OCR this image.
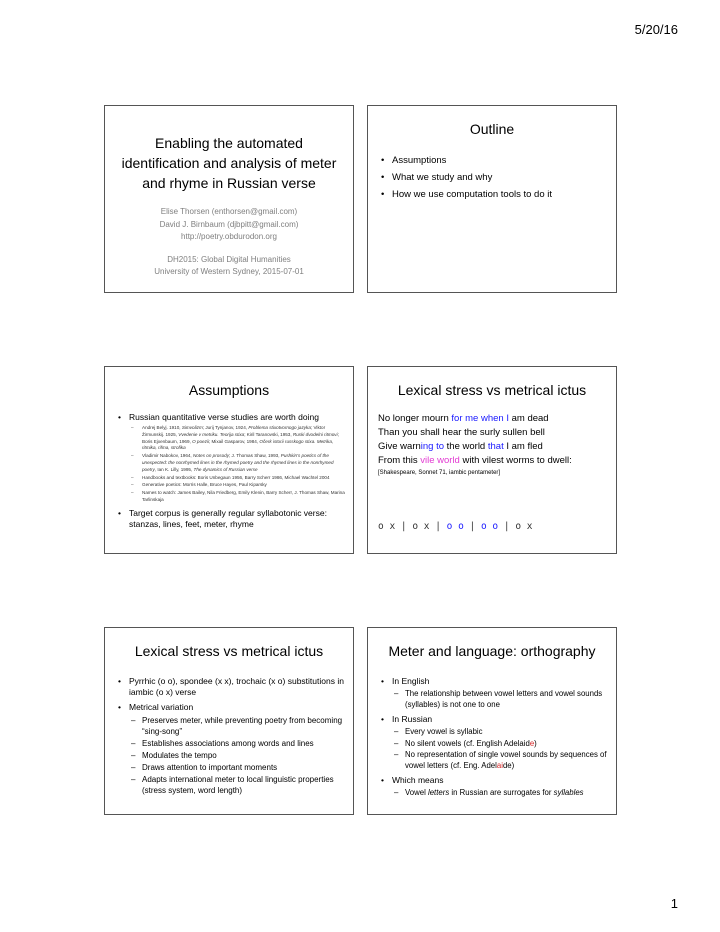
5/20/16
Enabling the automated identification and analysis of meter and rhyme in Russian verse
Elise Thorsen (enthorsen@gmail.com)
David J. Birnbaum (djbpitt@gmail.com)
http://poetry.obdurodon.org
DH2015: Global Digital Humanities
University of Western Sydney, 2015-07-01
Outline
• Assumptions
• What we study and why
• How we use computation tools to do it
Assumptions
• Russian quantitative verse studies are worth doing
– Andrej Belyj. 1910, Simvolizm; Jurij Tynjanov, 1924, Problema stixotvornogo jazyka; Viktor Žirmunskij. 1925, Vvedenie v metriku. Teorija stixa; Kiril Taranovski, 1953, Ruski dvodelni ritmovi; Boris Ejxenbaum, 1969, O poezii; Mixail Gasparov, 1984, Očerk istorii russkogo stixa. Metrika, ritmika, rifma, strofika
– Vladimir Nabokov, 1964, Notes on prosody; J. Thomas Shaw, 1993, Pushkin's poetics of the unexpected: the nonrhymed lines in the rhymed poetry and the rhymed lines in the nonrhymed poetry, Ian K. Lilly, 1995, The dynamics of Russian verse
– Handbooks and textbooks: Boris Unbegaun 1956, Barry Scherr 1986, Michael Wachtel 2004
– Generative poetics: Morris Halle, Bruce Hayes, Paul Kiparsky
– Names to watch: James Bailey, Nila Friedberg, Emily Klenin, Barry Scherr, J. Thomas Shaw, Marina Tarlinskaja
• Target corpus is generally regular syllabotonic verse: stanzas, lines, feet, meter, rhyme
Lexical stress vs metrical ictus
No longer mourn for me when I am dead
Than you shall hear the surly sullen bell
Give warning to the world that I am fled
From this vile world with vilest worms to dwell:
[Shakespeare, Sonnet 71, iambic pentameter]

o x | o x | o o | o o | o x

Lexical stress vs metrical ictus
• Pyrrhic (o o), spondee (x x), trochaic (x o) substitutions in iambic (o x) verse
• Metrical variation
– Preserves meter, while preventing poetry from becoming “sing-song”
– Establishes associations among words and lines
– Modulates the tempo
– Draws attention to important moments
– Adapts international meter to local linguistic properties (stress system, word length)
Meter and language: orthography
• In English
– The relationship between vowel letters and vowel sounds (syllables) is not one to one
• In Russian
– Every vowel is syllabic
– No silent vowels (cf. English Adelaide)
– No representation of single vowel sounds by sequences of vowel letters (cf. Eng. Adelaide)
• Which means
– Vowel letters in Russian are surrogates for syllables
1
